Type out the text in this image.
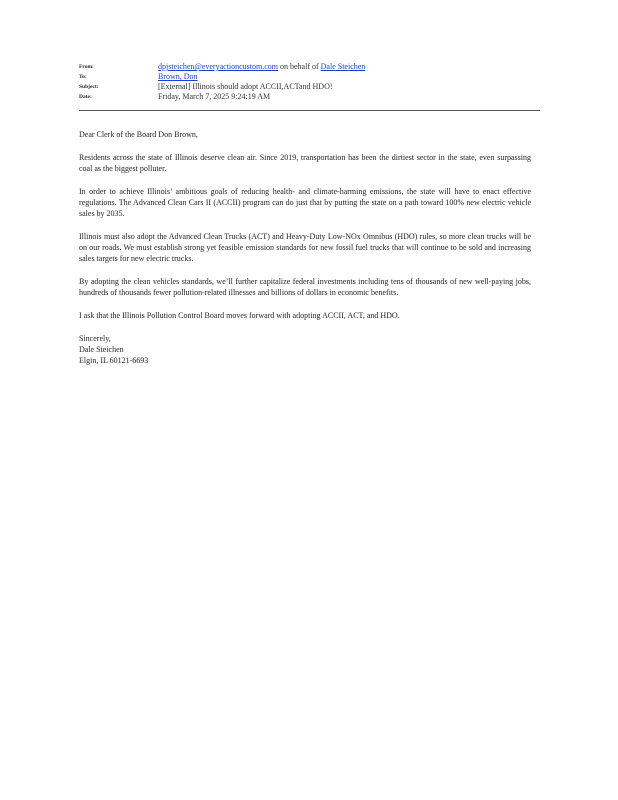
From:	dpjsteichen@everyactioncustom.com on behalf of Dale Steichen
To:	Brown, Don
Subject:	[External] Illinois should adopt ACCII,ACTand HDO!
Date:	Friday, March 7, 2025 9:24:19 AM

Dear Clerk of the Board Don Brown,

Residents across the state of Illinois deserve clean air. Since 2019, transportation has been the dirtiest sector in the state, even surpassing coal as the biggest polluter.

In order to achieve Illinois’ ambitious goals of reducing health- and climate-harming emissions, the state will have to enact effective regulations. The Advanced Clean Cars II (ACCII) program can do just that by putting the state on a path toward 100% new electric vehicle sales by 2035.

Illinois must also adopt the Advanced Clean Trucks (ACT) and Heavy-Duty Low-NOx Omnibus (HDO) rules, so more clean trucks will be on our roads. We must establish strong yet feasible emission standards for new fossil fuel trucks that will continue to be sold and increasing sales targets for new electric trucks.

By adopting the clean vehicles standards, we’ll further capitalize federal investments including tens of thousands of new well-paying jobs, hundreds of thousands fewer pollution-related illnesses and billions of dollars in economic benefits.

I ask that the Illinois Pollution Control Board moves forward with adopting ACCII, ACT, and HDO.

Sincerely,

Dale Steichen

Elgin, IL 60121-6693
